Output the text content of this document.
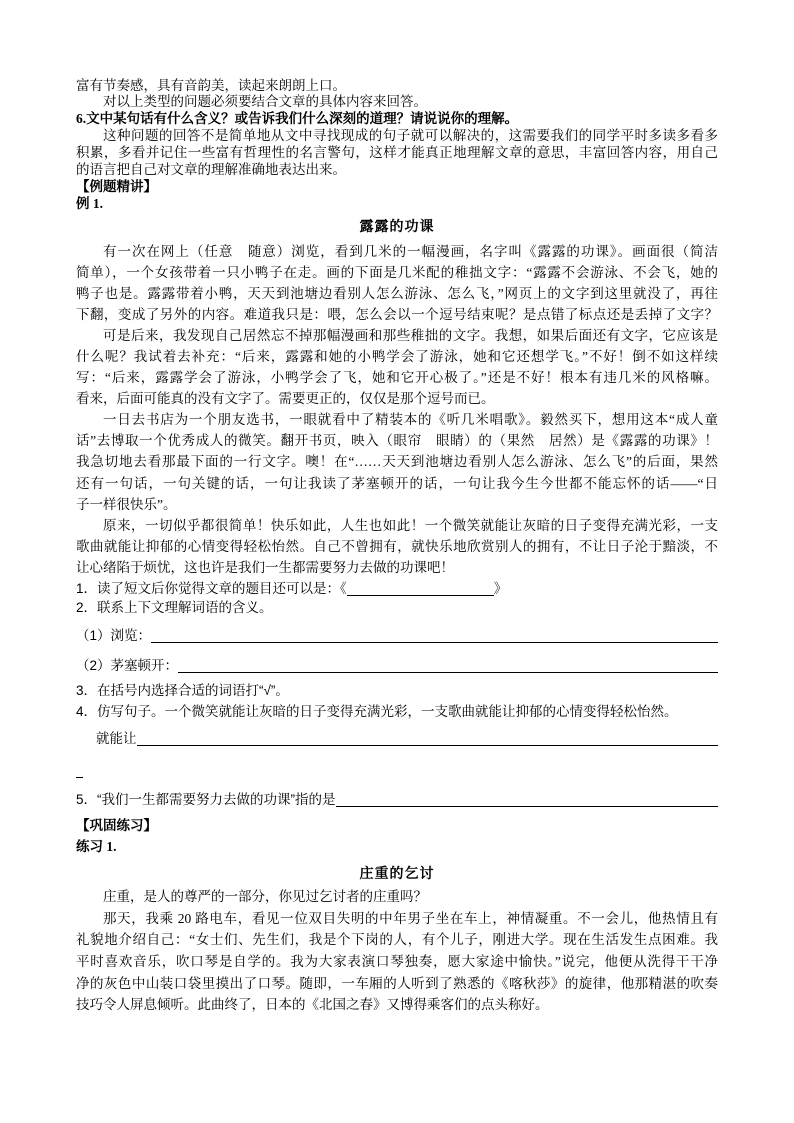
富有节奏感，具有音韵美，读起来朗朗上口。
对以上类型的问题必须要结合文章的具体内容来回答。
6.文中某句话有什么含义？或告诉我们什么深刻的道理？请说说你的理解。
这种问题的回答不是简单地从文中寻找现成的句子就可以解决的，这需要我们的同学平时多读多看多
积累，多看并记住一些富有哲理性的名言警句，这样才能真正地理解文章的意思，丰富回答内容，用自己
的语言把自己对文章的理解准确地表达出来。
【例题精讲】
例 1.
露露的功课
有一次在网上（任意　随意）浏览，看到几米的一幅漫画，名字叫《露露的功课》。画面很（简洁
简单），一个女孩带着一只小鸭子在走。画的下面是几米配的稚拙文字：“露露不会游泳、不会飞，她的
鸭子也是。露露带着小鸭，天天到池塘边看别人怎么游泳、怎么飞，”网页上的文字到这里就没了，再往
下翻，变成了另外的内容。难道我只是：喂，怎么会以一个逗号结束呢？是点错了标点还是丢掉了文字？
可是后来，我发现自己居然忘不掉那幅漫画和那些稚拙的文字。我想，如果后面还有文字，它应该是
什么呢？我试着去补充：“后来，露露和她的小鸭学会了游泳，她和它还想学飞。”不好！倒不如这样续
写：“后来，露露学会了游泳，小鸭学会了飞，她和它开心极了。”还是不好！根本有违几米的风格嘛。
看来，后面可能真的没有文字了。需要更正的，仅仅是那个逗号而已。
一日去书店为一个朋友选书，一眼就看中了精装本的《听几米唱歌》。毅然买下，想用这本“成人童
话”去博取一个优秀成人的微笑。翻开书页，映入（眼帘　眼睛）的（果然　居然）是《露露的功课》！
我急切地去看那最下面的一行文字。噢！在“……天天到池塘边看别人怎么游泳、怎么飞”的后面，果然
还有一句话，一句关键的话，一句让我读了茅塞顿开的话，一句让我今生今世都不能忘怀的话——“日
子一样很快乐”。
原来，一切似乎都很简单！快乐如此，人生也如此！一个微笑就能让灰暗的日子变得充满光彩，一支
歌曲就能让抑郁的心情变得轻松怡然。自己不曾拥有，就快乐地欣赏别人的拥有，不让日子沦于黯淡，不
让心绪陷于烦忧，这也许是我们一生都需要努力去做的功课吧！
1．读了短文后你觉得文章的题目还可以是：《	》
2．联系上下文理解词语的含义。
（1）浏览：
（2）茅塞顿开：
3．在括号内选择合适的词语打“√”。
4．仿写句子。一个微笑就能让灰暗的日子变得充满光彩，一支歌曲就能让抑郁的心情变得轻松怡然。
就能让
5．“我们一生都需要努力去做的功课”指的是
【巩固练习】
练习 1.
庄重的乞讨
庄重，是人的尊严的一部分，你见过乞讨者的庄重吗？
那天，我乘 20 路电车，看见一位双目失明的中年男子坐在车上，神情凝重。不一会儿，他热情且有
礼貌地介绍自己：“女士们、先生们，我是个下岗的人，有个儿子，刚进大学。现在生活发生点困难。我
平时喜欢音乐，吹口琴是自学的。我为大家表演口琴独奏，愿大家途中愉快。”说完，他便从洗得干干净
净的灰色中山装口袋里摸出了口琴。随即，一车厢的人听到了熟悉的《喀秋莎》的旋律，他那精湛的吹奏
技巧令人屏息倾听。此曲终了，日本的《北国之春》又博得乘客们的点头称好。
